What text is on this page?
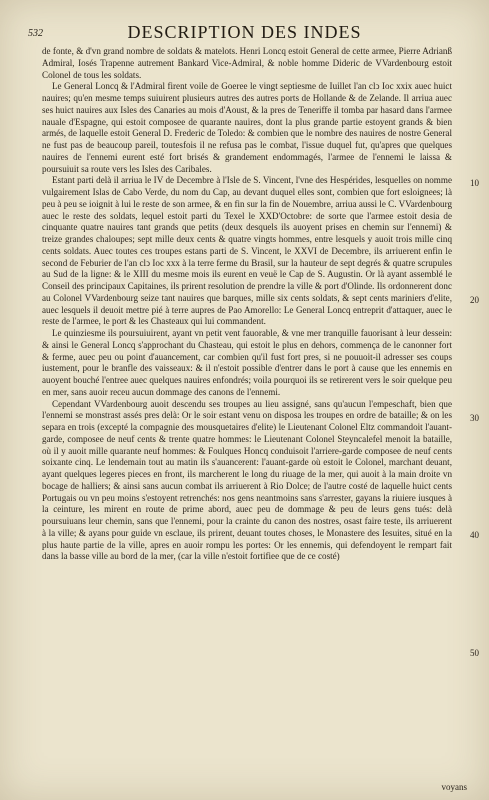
532	DESCRIPTION DES INDES

de fonte, & d'vn grand nombre de soldats & matelots. Henri Loncq estoit General de cette armee, Pierre Adrianß Admiral, Iosés Trapenne autrement Bankard Vice-Admiral, & noble homme Dideric de VVardenbourg estoit Colonel de tous les soldats.

Le General Loncq & l'Admiral firent voile de Goeree le vingt septiesme de Iuillet l'an clↄ Ioc xxix auec huict nauires; qu'en mesme temps suiuirent plusieurs autres des autres ports de Hollande & de Zelande. Il arriua auec ses huict nauires aux Isles des Canaries au mois d'Aoust, & la pres de Teneriffe il tomba par hasard dans l'armee nauale d'Espagne, qui estoit composee de quarante nauires, dont la plus grande partie estoyent grands & bien armés, de laquelle estoit General D. Frederic de Toledo: & combien que le nombre des nauires de nostre General ne fust pas de beaucoup pareil, toutesfois il ne refusa pas le combat, l'issue duquel fut, qu'apres que quelques nauires de l'ennemi eurent esté fort brisés & grandement endommagés, l'armee de l'ennemi le laissa & poursuiuit sa route vers les Isles des Caribales.

Estant parti delà il arriua le IV de Decembre à l'Isle de S. Vincent, l'vne des Hespérides, lesquelles on nomme vulgairement Islas de Cabo Verde, du nom du Cap, au devant duquel elles sont, combien que fort esloignees; là peu à peu se ioignit à lui le reste de son armee, & en fin sur la fin de Nouembre, arriua aussi le C. VVardenbourg auec le reste des soldats, lequel estoit parti du Texel le XXD'Octobre: de sorte que l'armee estoit desia de cinquante quatre nauires tant grands que petits (deux desquels ils auoyent prises en chemin sur l'ennemi) & treize grandes chaloupes; sept mille deux cents & quatre vingts hommes, entre lesquels y auoit trois mille cinq cents soldats. Auec toutes ces troupes estans parti de S. Vincent, le XXVI de Decembre, ils arriuerent enfin le second de Feburier de l'an clↄ Ioc xxx à la terre ferme du Brasil, sur la hauteur de sept degrés & quatre scrupules au Sud de la ligne: & le XIII du mesme mois ils eurent en veuë le Cap de S. Augustin. Or là ayant assemblé le Conseil des principaux Capitaines, ils prirent resolution de prendre la ville & port d'Olinde. Ils ordonnerent donc au Colonel VVardenbourg seize tant nauires que barques, mille six cents soldats, & sept cents mariniers d'elite, auec lesquels il deuoit mettre pié à terre aupres de Pao Amorello: Le General Loncq entreprit d'attaquer, auec le reste de l'armee, le port & les Chasteaux qui lui commandent.

Le quinziesme ils poursuiuirent, ayant vn petit vent fauorable, & vne mer tranquille fauorisant à leur dessein: & ainsi le General Loncq s'approchant du Chasteau, qui estoit le plus en dehors, commença de le canonner fort & ferme, auec peu ou point d'auancement, car combien qu'il fust fort pres, si ne pouuoit-il adresser ses coups iustement, pour le branfle des vaisseaux: & il n'estoit possible d'entrer dans le port à cause que les ennemis en auoyent bouché l'entree auec quelques nauires enfondrés; voila pourquoi ils se retirerent vers le soir quelque peu en mer, sans auoir receu aucun dommage des canons de l'ennemi.

Cependant VVardenbourg auoit descendu ses troupes au lieu assigné, sans qu'aucun l'empeschaft, bien que l'ennemi se monstrast assés pres delà: Or le soir estant venu on disposa les troupes en ordre de bataille; & on les separa en trois (excepté la compagnie des mousquetaires d'elite) le Lieutenant Colonel Eltz commandoit l'auant-garde, composee de neuf cents & trente quatre hommes: le Lieutenant Colonel Steyncalefel menoit la bataille, où il y auoit mille quarante neuf hommes: & Foulques Honcq conduisoit l'arriere-garde composee de neuf cents soixante cinq. Le lendemain tout au matin ils s'auancerent: l'auant-garde où estoit le Colonel, marchant deuant, ayant quelques legeres pieces en front, ils marcherent le long du riuage de la mer, qui auoit à la main droite vn bocage de halliers; & ainsi sans aucun combat ils arriuerent à Rio Dolce; de l'autre costé de laquelle huict cents Portugais ou vn peu moins s'estoyent retrenchés: nos gens neantmoins sans s'arrester, gayans la riuiere iusques à la ceinture, les mirent en route de prime abord, auec peu de dommage & peu de leurs gens tués: delà poursuiuans leur chemin, sans que l'ennemi, pour la crainte du canon des nostres, osast faire teste, ils arriuerent à la ville; & ayans pour guide vn esclaue, ils prirent, deuant toutes choses, le Monastere des Iesuites, situé en la plus haute partie de la ville, apres en auoir rompu les portes: Or les ennemis, qui defendoyent le rempart fait dans la basse ville au bord de la mer, (car la ville n'estoit fortifiee que de ce costé)

10
20
30
40
50
voyans
